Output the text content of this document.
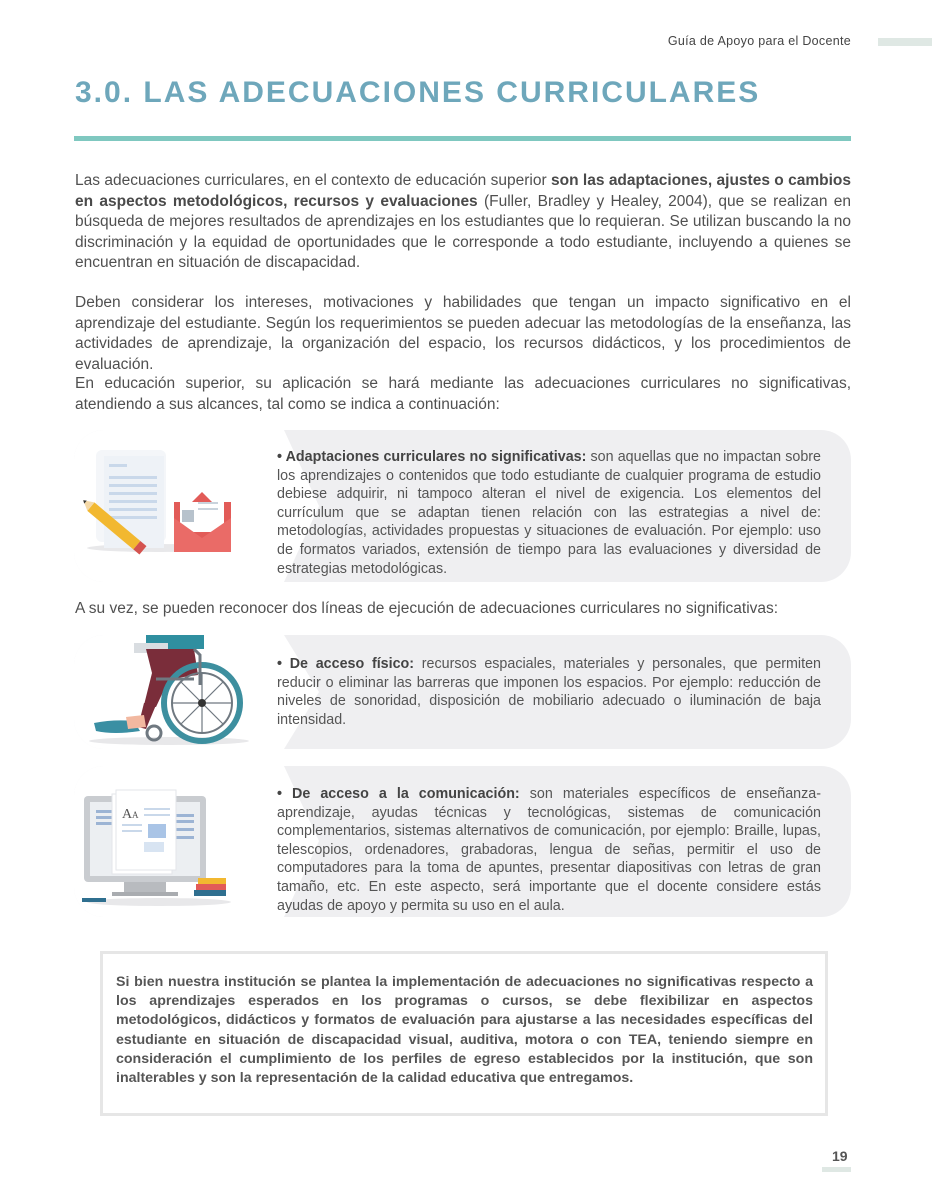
Guía de Apoyo para el Docente
3.0. LAS ADECUACIONES CURRICULARES

Las adecuaciones curriculares, en el contexto de educación superior son las adaptaciones, ajustes o cambios en aspectos metodológicos, recursos y evaluaciones (Fuller, Bradley y Healey, 2004), que se realizan en búsqueda de mejores resultados de aprendizajes en los estudiantes que lo requieran. Se utilizan buscando la no discriminación y la equidad de oportunidades que le corresponde a todo estudiante, incluyendo a quienes se encuentran en situación de discapacidad.

Deben considerar los intereses, motivaciones y habilidades que tengan un impacto significativo en el aprendizaje del estudiante. Según los requerimientos se pueden adecuar las metodologías de la enseñanza, las actividades de aprendizaje, la organización del espacio, los recursos didácticos, y los procedimientos de evaluación.

En educación superior, su aplicación se hará mediante las adecuaciones curriculares no significativas, atendiendo a sus alcances, tal como se indica a continuación:

• Adaptaciones curriculares no significativas: son aquellas que no impactan sobre los aprendizajes o contenidos que todo estudiante de cualquier programa de estudio debiese adquirir, ni tampoco alteran el nivel de exigencia. Los elementos del currículum que se adaptan tienen relación con las estrategias a nivel de: metodologías, actividades propuestas y situaciones de evaluación. Por ejemplo: uso de formatos variados, extensión de tiempo para las evaluaciones y diversidad de estrategias metodológicas.

A su vez, se pueden reconocer dos líneas de ejecución de adecuaciones curriculares no significativas:

• De acceso físico: recursos espaciales, materiales y personales, que permiten reducir o eliminar las barreras que imponen los espacios. Por ejemplo: reducción de niveles de sonoridad, disposición de mobiliario adecuado o iluminación de baja intensidad.
A A
• De acceso a la comunicación: son materiales específicos de enseñanza-aprendizaje, ayudas técnicas y tecnológicas, sistemas de comunicación complementarios, sistemas alternativos de comunicación, por ejemplo: Braille, lupas, telescopios, ordenadores, grabadoras, lengua de señas, permitir el uso de computadores para la toma de apuntes, presentar diapositivas con letras de gran tamaño, etc. En este aspecto, será importante que el docente considere estás ayudas de apoyo y permita su uso en el aula.

Si bien nuestra institución se plantea la implementación de adecuaciones no significativas respecto a los aprendizajes esperados en los programas o cursos, se debe flexibilizar en aspectos metodológicos, didácticos y formatos de evaluación para ajustarse a las necesidades específicas del estudiante en situación de discapacidad visual, auditiva, motora o con TEA, teniendo siempre en consideración el cumplimiento de los perfiles de egreso establecidos por la institución, que son inalterables y son la representación de la calidad educativa que entregamos.

19
